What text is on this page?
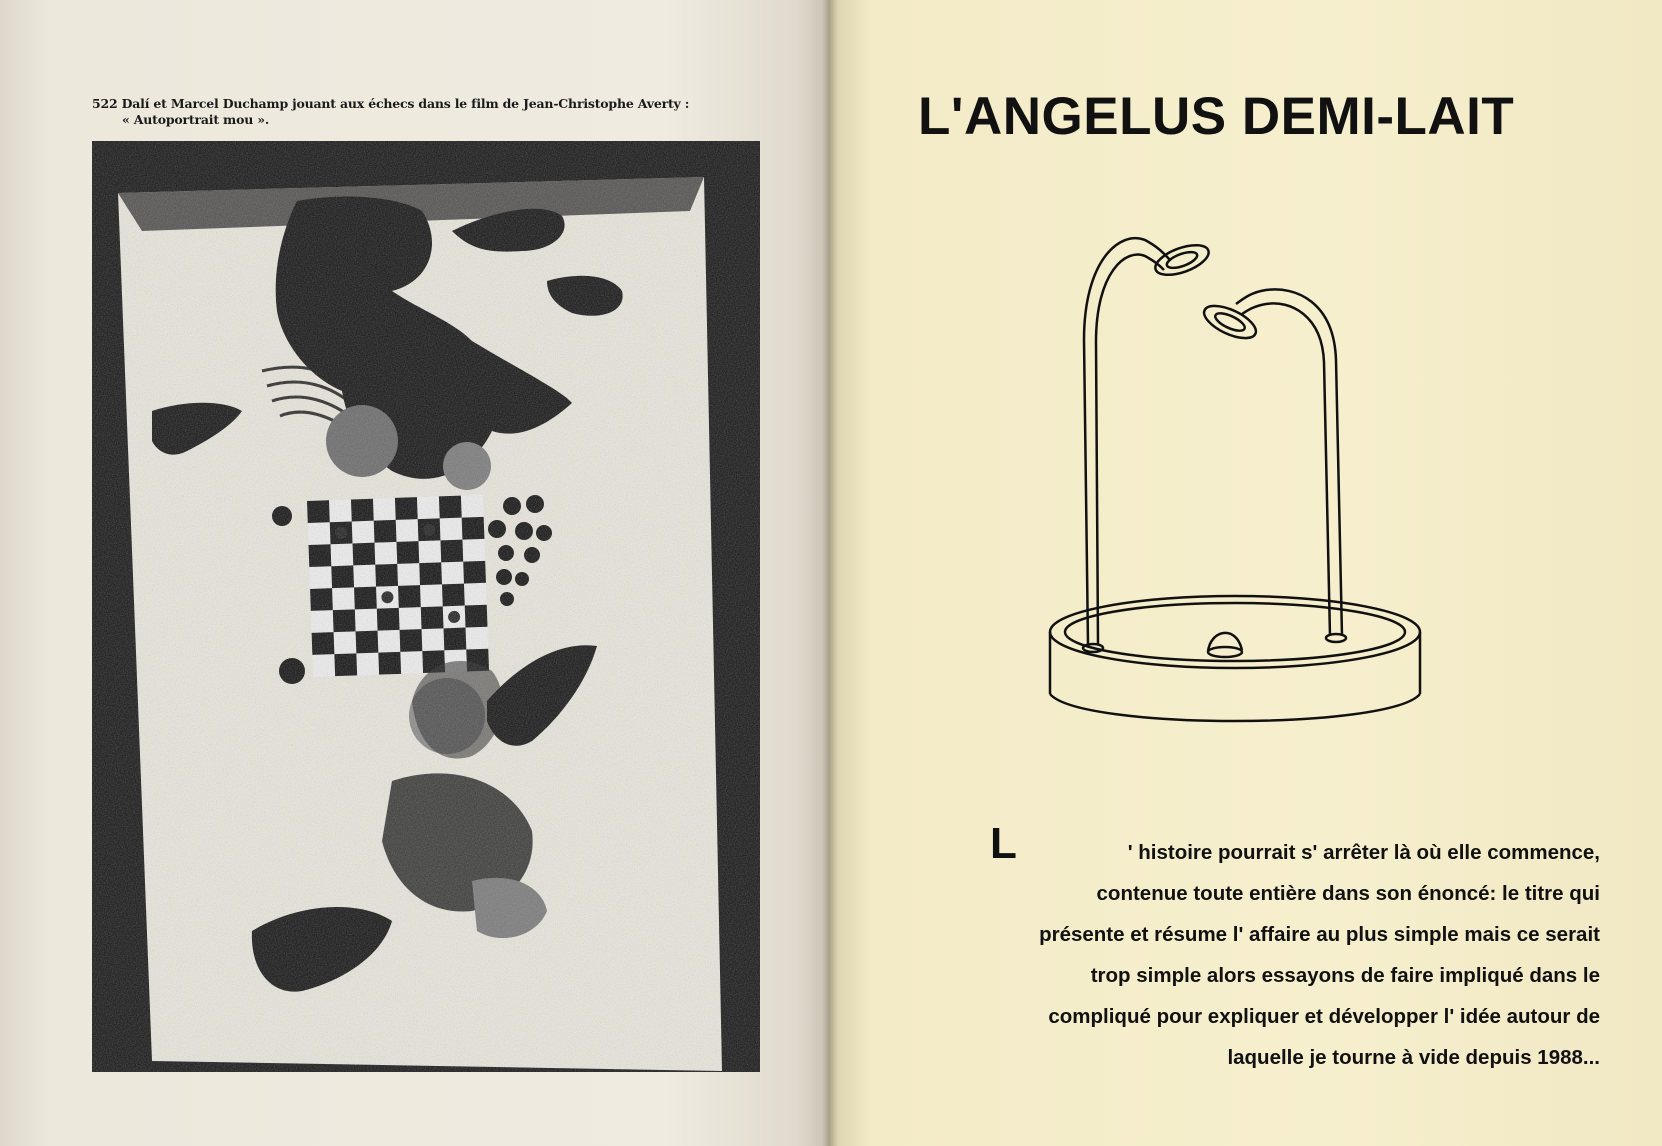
522 Dalí et Marcel Duchamp jouant aux échecs dans le film de Jean-Christophe Averty :
« Autoportrait mou ».

	L'ANGELUS DEMI-LAIT
L	' histoire pourrait s' arrêter là où elle commence,
contenue toute entière dans son énoncé: le titre qui
présente et résume l' affaire au plus simple mais ce serait
trop simple alors essayons de faire impliqué dans le
compliqué pour expliquer et développer l' idée autour de
laquelle je tourne à vide depuis 1988...
